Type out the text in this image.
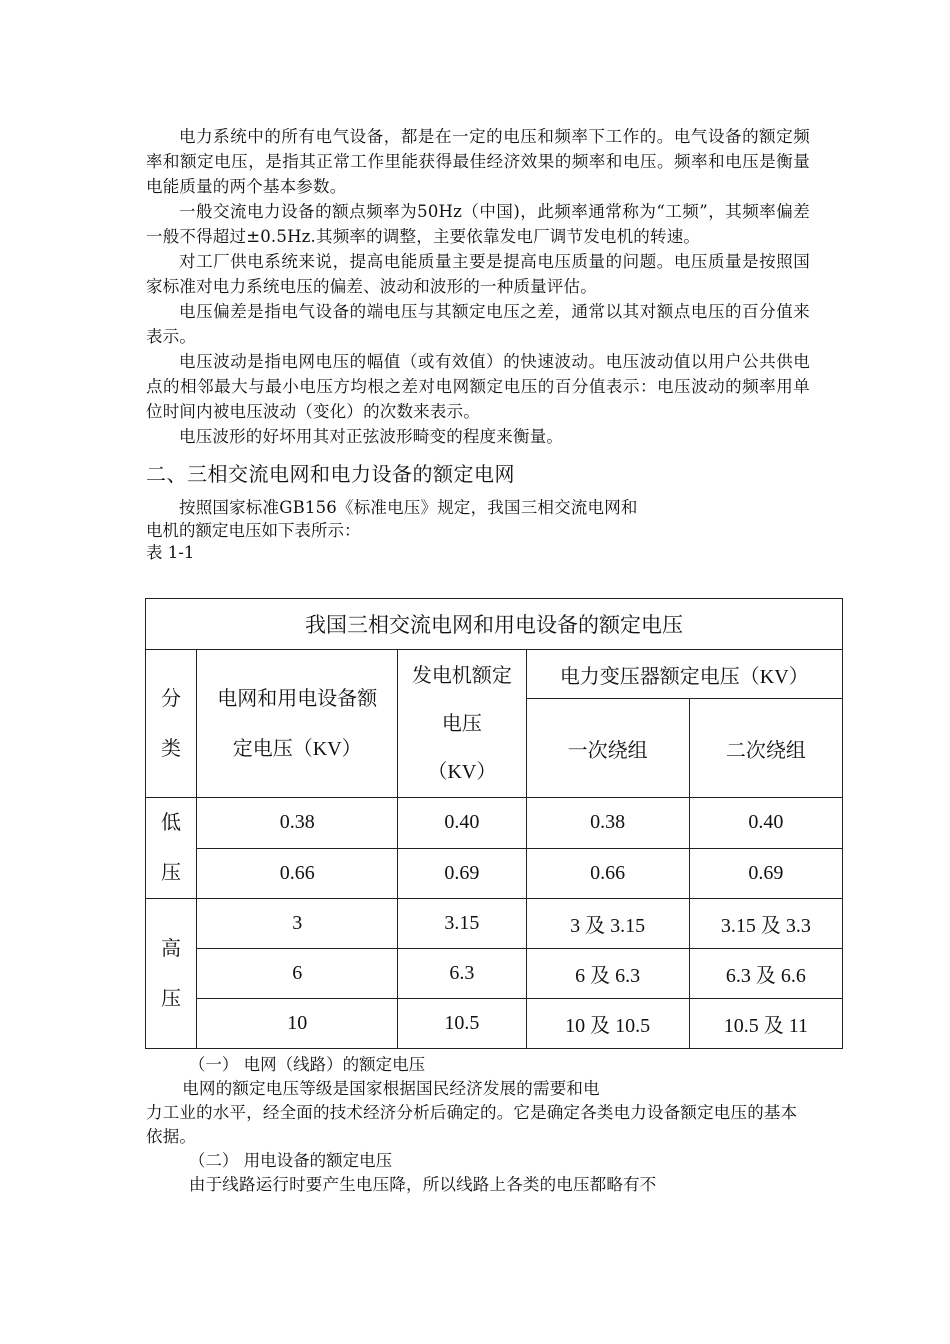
电力系统中的所有电气设备，都是在一定的电压和频率下工作的。电气设备的额定频率和额定电压，是指其正常工作里能获得最佳经济效果的频率和电压。频率和电压是衡量电能质量的两个基本参数。

一般交流电力设备的额点频率为50Hz（中国)，此频率通常称为“工频”，其频率偏差一般不得超过±0.5Hz.其频率的调整，主要依靠发电厂调节发电机的转速。

对工厂供电系统来说，提高电能质量主要是提高电压质量的问题。电压质量是按照国家标准对电力系统电压的偏差、波动和波形的一种质量评估。

电压偏差是指电气设备的端电压与其额定电压之差，通常以其对额点电压的百分值来表示。

电压波动是指电网电压的幅值（或有效值）的快速波动。电压波动值以用户公共供电点的相邻最大与最小电压方均根之差对电网额定电压的百分值表示：电压波动的频率用单位时间内被电压波动（变化）的次数来表示。

电压波形的好坏用其对正弦波形畸变的程度来衡量。

二、三相交流电网和电力设备的额定电网

按照国家标准GB156《标准电压》规定，我国三相交流电网和

电机的额定电压如下表所示：

表 1-1

我国三相交流电网和用电设备的额定电压				
分
类	电网和用电设备额
定电压（KV）	发电机额定
电压
（KV）	电力变压器额定电压（KV）	
			一次绕组	二次绕组
低
压	0.38	0.40	0.38	0.40
	0.66	0.69	0.66	0.69
高
压	3	3.15	3 及 3.15	3.15 及 3.3
	6	6.3	6 及 6.3	6.3 及 6.6
	10	10.5	10 及 10.5	10.5 及 11

（一） 电网（线路）的额定电压

电网的额定电压等级是国家根据国民经济发展的需要和电

力工业的水平，经全面的技术经济分析后确定的。它是确定各类电力设备额定电压的基本依据。

（二） 用电设备的额定电压

由于线路运行时要产生电压降，所以线路上各类的电压都略有不
